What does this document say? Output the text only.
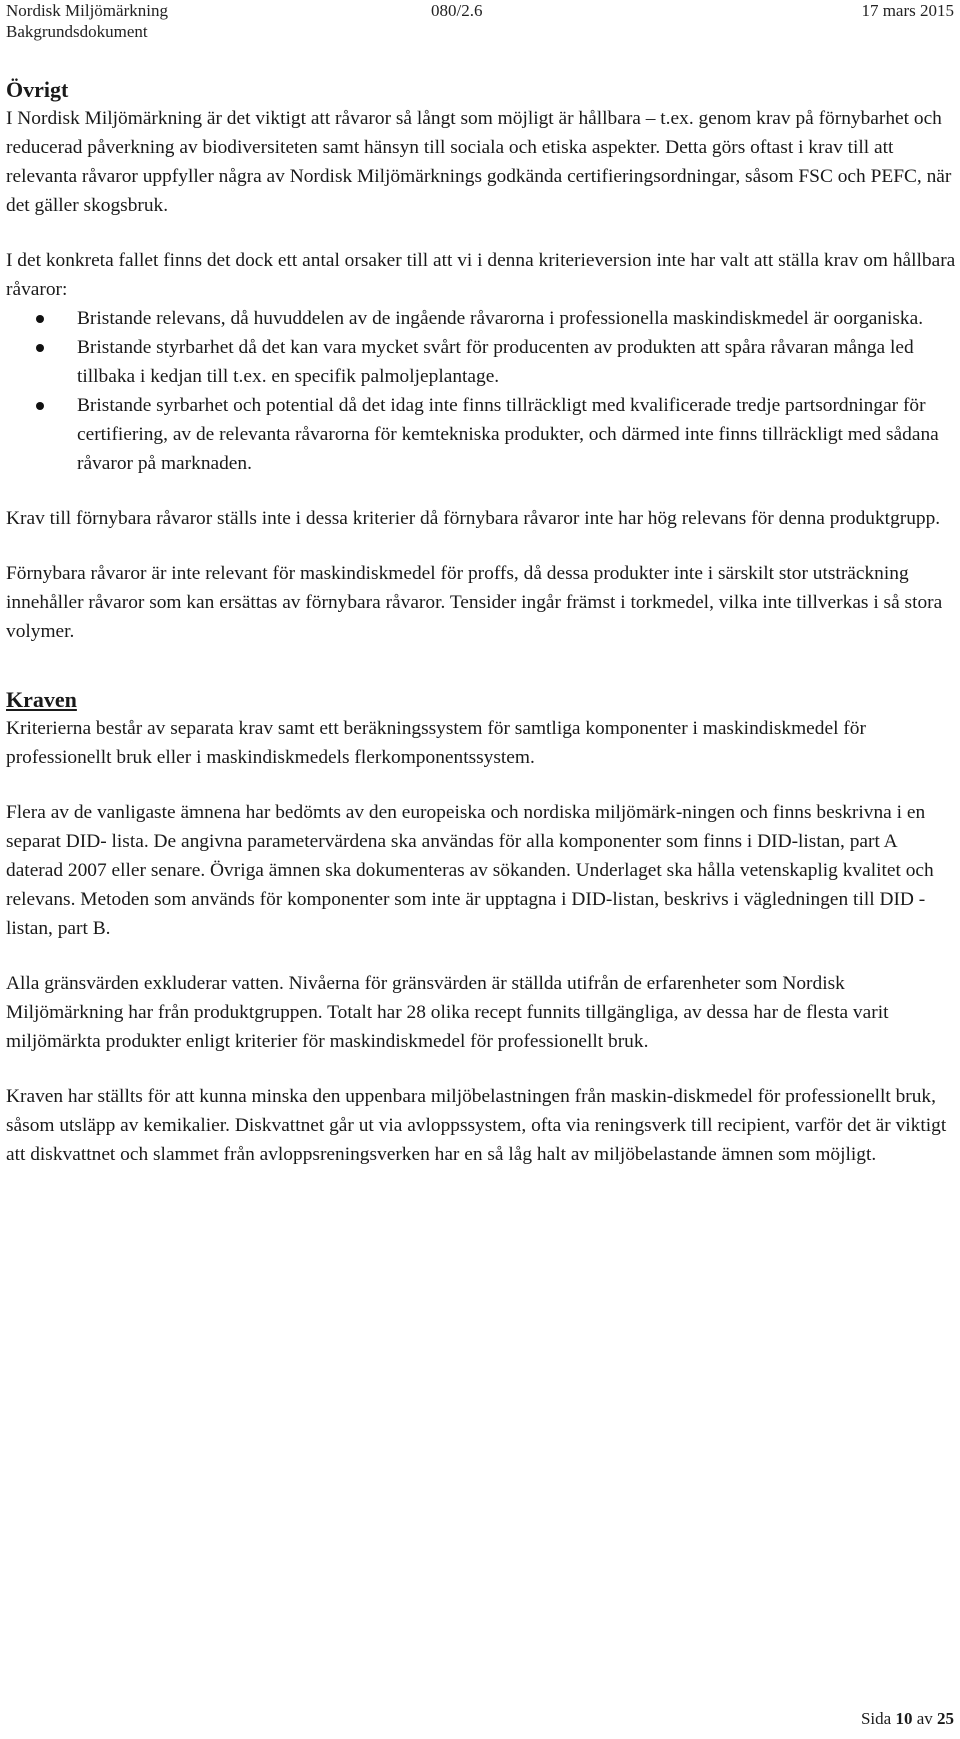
Nordisk Miljömärkning
Bakgrundsdokument
080/2.6	17 mars 2015
Övrigt

I Nordisk Miljömärkning är det viktigt att råvaror så långt som möjligt är hållbara – t.ex. genom krav på förnybarhet och reducerad påverkning av biodiversiteten samt hänsyn till sociala och etiska aspekter. Detta görs oftast i krav till att relevanta råvaror uppfyller några av Nordisk Miljömärknings godkända certifieringsordningar, såsom FSC och PEFC, när det gäller skogsbruk.

I det konkreta fallet finns det dock ett antal orsaker till att vi i denna kriterieversion inte har valt att ställa krav om hållbara råvaror:

Bristande relevans, då huvuddelen av de ingående råvarorna i professionella maskindiskmedel är oorganiska.
Bristande styrbarhet då det kan vara mycket svårt för producenten av produkten att spåra råvaran många led tillbaka i kedjan till t.ex. en specifik palmoljeplantage.
Bristande syrbarhet och potential då det idag inte finns tillräckligt med kvalificerade tredje partsordningar för certifiering, av de relevanta råvarorna för kemtekniska produkter, och därmed inte finns tillräckligt med sådana råvaror på marknaden.

Krav till förnybara råvaror ställs inte i dessa kriterier då förnybara råvaror inte har hög relevans för denna produktgrupp.

Förnybara råvaror är inte relevant för maskindiskmedel för proffs, då dessa produkter inte i särskilt stor utsträckning innehåller råvaror som kan ersättas av förnybara råvaror. Tensider ingår främst i torkmedel, vilka inte tillverkas i så stora volymer.

Kraven

Kriterierna består av separata krav samt ett beräkningssystem för samtliga komponenter i maskindiskmedel för professionellt bruk eller i maskindiskmedels flerkomponentssystem.

Flera av de vanligaste ämnena har bedömts av den europeiska och nordiska miljömärk-ningen och finns beskrivna i en separat DID- lista. De angivna parametervärdena ska användas för alla komponenter som finns i DID-listan, part A daterad 2007 eller senare. Övriga ämnen ska dokumenteras av sökanden. Underlaget ska hålla vetenskaplig kvalitet och relevans. Metoden som används för komponenter som inte är upptagna i DID-listan, beskrivs i vägledningen till DID -listan, part B.

Alla gränsvärden exkluderar vatten. Nivåerna för gränsvärden är ställda utifrån de erfarenheter som Nordisk Miljömärkning har från produktgruppen. Totalt har 28 olika recept funnits tillgängliga, av dessa har de flesta varit miljömärkta produkter enligt kriterier för maskindiskmedel för professionellt bruk.

Kraven har ställts för att kunna minska den uppenbara miljöbelastningen från maskin-diskmedel för professionellt bruk, såsom utsläpp av kemikalier. Diskvattnet går ut via avloppssystem, ofta via reningsverk till recipient, varför det är viktigt att diskvattnet och slammet från avloppsreningsverken har en så låg halt av miljöbelastande ämnen som möjligt.

Sida 10 av 25
